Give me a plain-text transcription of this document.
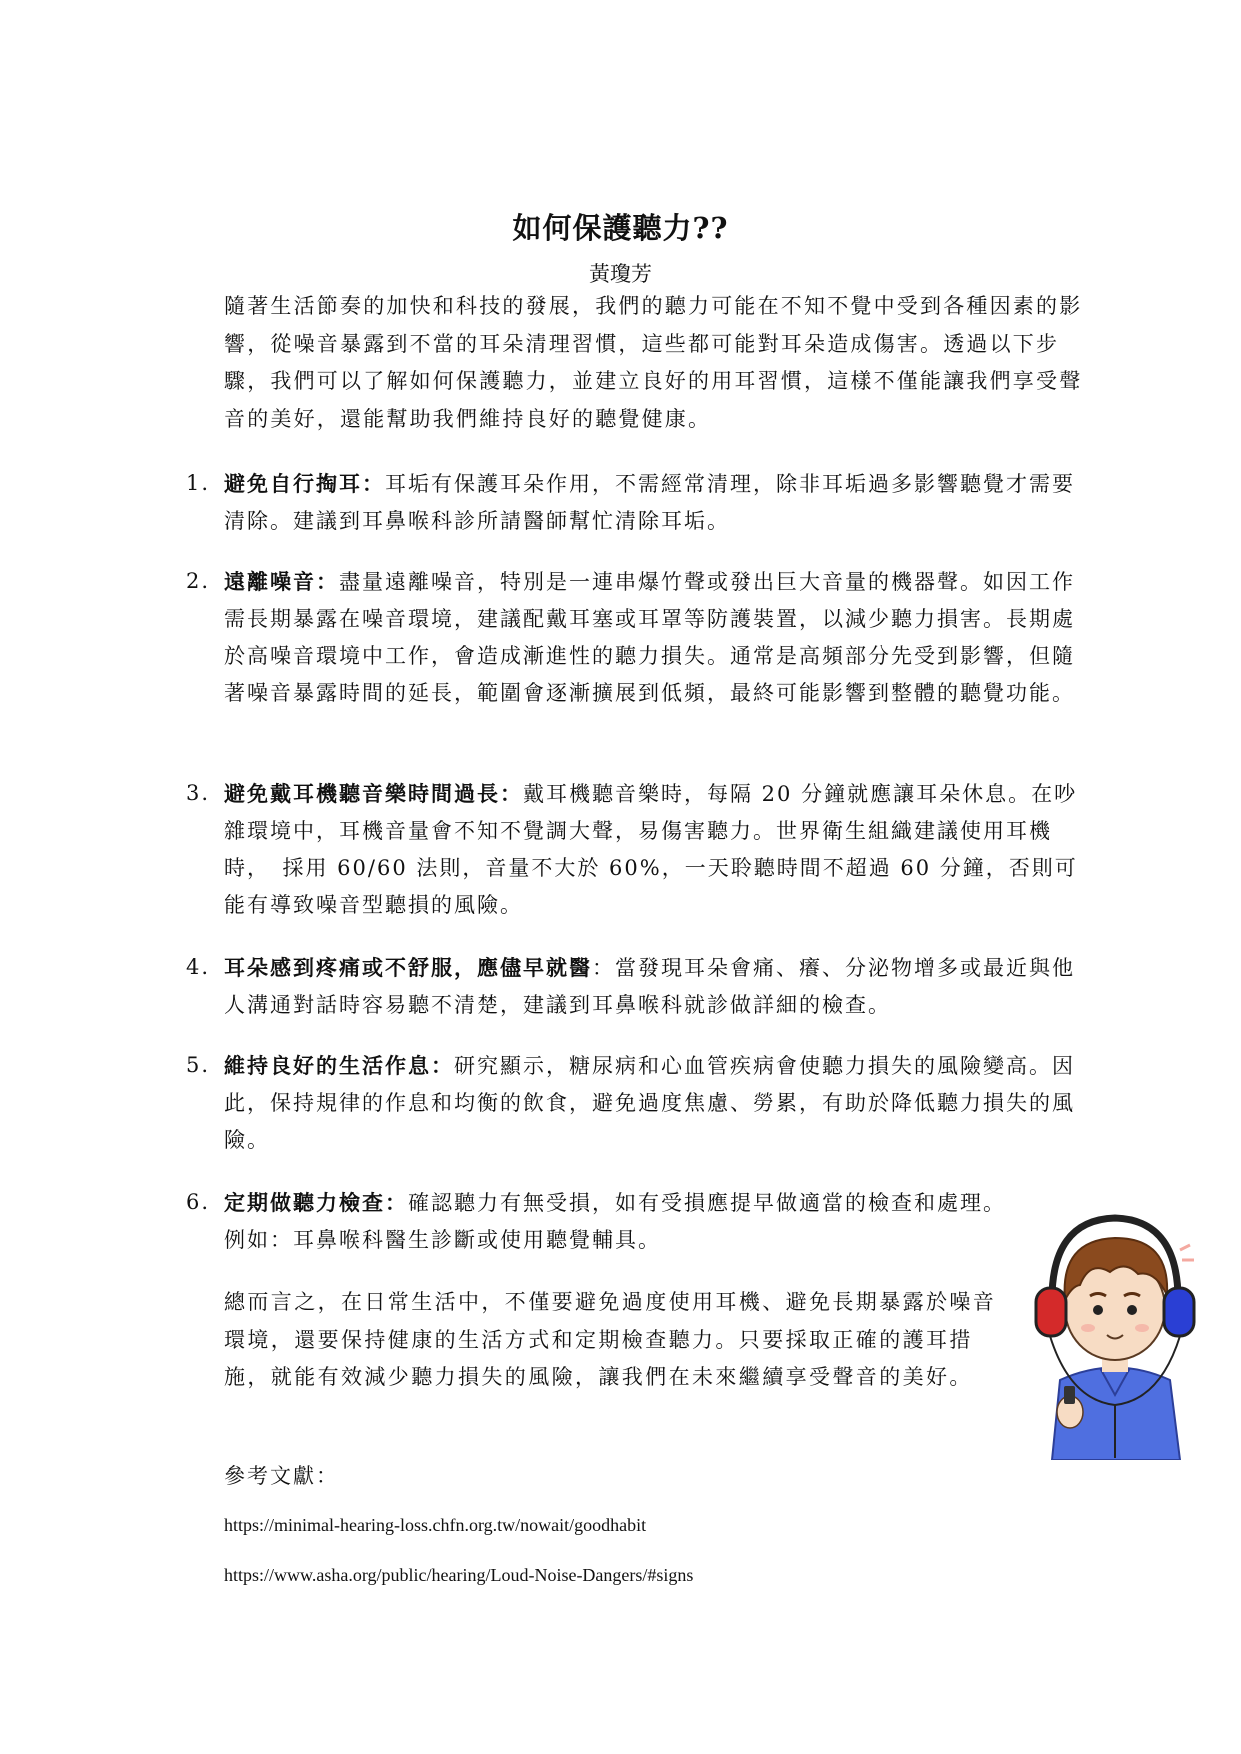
如何保護聽力??
黃瓊芳

隨著生活節奏的加快和科技的發展，我們的聽力可能在不知不覺中受到各種因素的影響，從噪音暴露到不當的耳朵清理習慣，這些都可能對耳朵造成傷害。透過以下步驟，我們可以了解如何保護聽力，並建立良好的用耳習慣，這樣不僅能讓我們享受聲音的美好，還能幫助我們維持良好的聽覺健康。

1. 避免自行掏耳：耳垢有保護耳朵作用，不需經常清理，除非耳垢過多影響聽覺才需要清除。建議到耳鼻喉科診所請醫師幫忙清除耳垢。
2. 遠離噪音：盡量遠離噪音，特別是一連串爆竹聲或發出巨大音量的機器聲。如因工作需長期暴露在噪音環境，建議配戴耳塞或耳罩等防護裝置，以減少聽力損害。長期處於高噪音環境中工作，會造成漸進性的聽力損失。通常是高頻部分先受到影響，但隨著噪音暴露時間的延長，範圍會逐漸擴展到低頻，最終可能影響到整體的聽覺功能。
3. 避免戴耳機聽音樂時間過長：戴耳機聽音樂時，每隔 20 分鐘就應讓耳朵休息。在吵雜環境中，耳機音量會不知不覺調大聲，易傷害聽力。世界衛生組織建議使用耳機時，　採用 60/60 法則，音量不大於 60%，一天聆聽時間不超過 60 分鐘，否則可能有導致噪音型聽損的風險。
4. 耳朵感到疼痛或不舒服，應儘早就醫：當發現耳朵會痛、癢、分泌物增多或最近與他人溝通對話時容易聽不清楚，建議到耳鼻喉科就診做詳細的檢查。
5. 維持良好的生活作息：研究顯示，糖尿病和心血管疾病會使聽力損失的風險變高。因此，保持規律的作息和均衡的飲食，避免過度焦慮、勞累，有助於降低聽力損失的風險。
6. 定期做聽力檢查：確認聽力有無受損，如有受損應提早做適當的檢查和處理。例如：耳鼻喉科醫生診斷或使用聽覺輔具。

總而言之，在日常生活中，不僅要避免過度使用耳機、避免長期暴露於噪音環境，還要保持健康的生活方式和定期檢查聽力。只要採取正確的護耳措施，就能有效減少聽力損失的風險，讓我們在未來繼續享受聲音的美好。

參考文獻：
https://minimal-hearing-loss.chfn.org.tw/nowait/goodhabit
https://www.asha.org/public/hearing/Loud-Noise-Dangers/#signs
